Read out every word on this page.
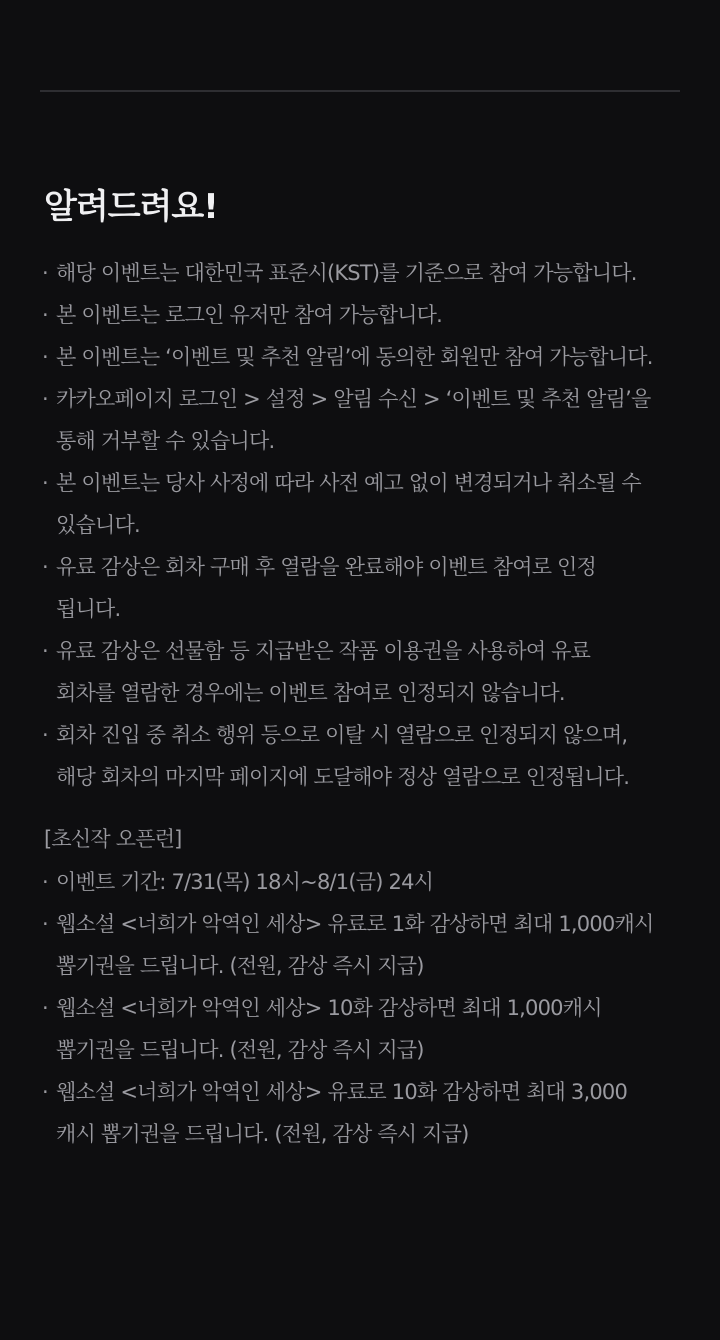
알려드려요!
· 해당 이벤트는 대한민국 표준시(KST)를 기준으로 참여 가능합니다.
· 본 이벤트는 로그인 유저만 참여 가능합니다.
· 본 이벤트는 ‘이벤트 및 추천 알림’에 동의한 회원만 참여 가능합니다.
· 카카오페이지 로그인 > 설정 > 알림 수신 > ‘이벤트 및 추천 알림’을
통해 거부할 수 있습니다.
· 본 이벤트는 당사 사정에 따라 사전 예고 없이 변경되거나 취소될 수
있습니다.
· 유료 감상은 회차 구매 후 열람을 완료해야 이벤트 참여로 인정
됩니다.
· 유료 감상은 선물함 등 지급받은 작품 이용권을 사용하여 유료
회차를 열람한 경우에는 이벤트 참여로 인정되지 않습니다.
· 회차 진입 중 취소 행위 등으로 이탈 시 열람으로 인정되지 않으며,
해당 회차의 마지막 페이지에 도달해야 정상 열람으로 인정됩니다.
[초신작 오픈런]
· 이벤트 기간: 7/31(목) 18시~8/1(금) 24시
· 웹소설 <너희가 악역인 세상> 유료로 1화 감상하면 최대 1,000캐시
뽑기권을 드립니다. (전원, 감상 즉시 지급)
· 웹소설 <너희가 악역인 세상> 10화 감상하면 최대 1,000캐시
뽑기권을 드립니다. (전원, 감상 즉시 지급)
· 웹소설 <너희가 악역인 세상> 유료로 10화 감상하면 최대 3,000
캐시 뽑기권을 드립니다. (전원, 감상 즉시 지급)
